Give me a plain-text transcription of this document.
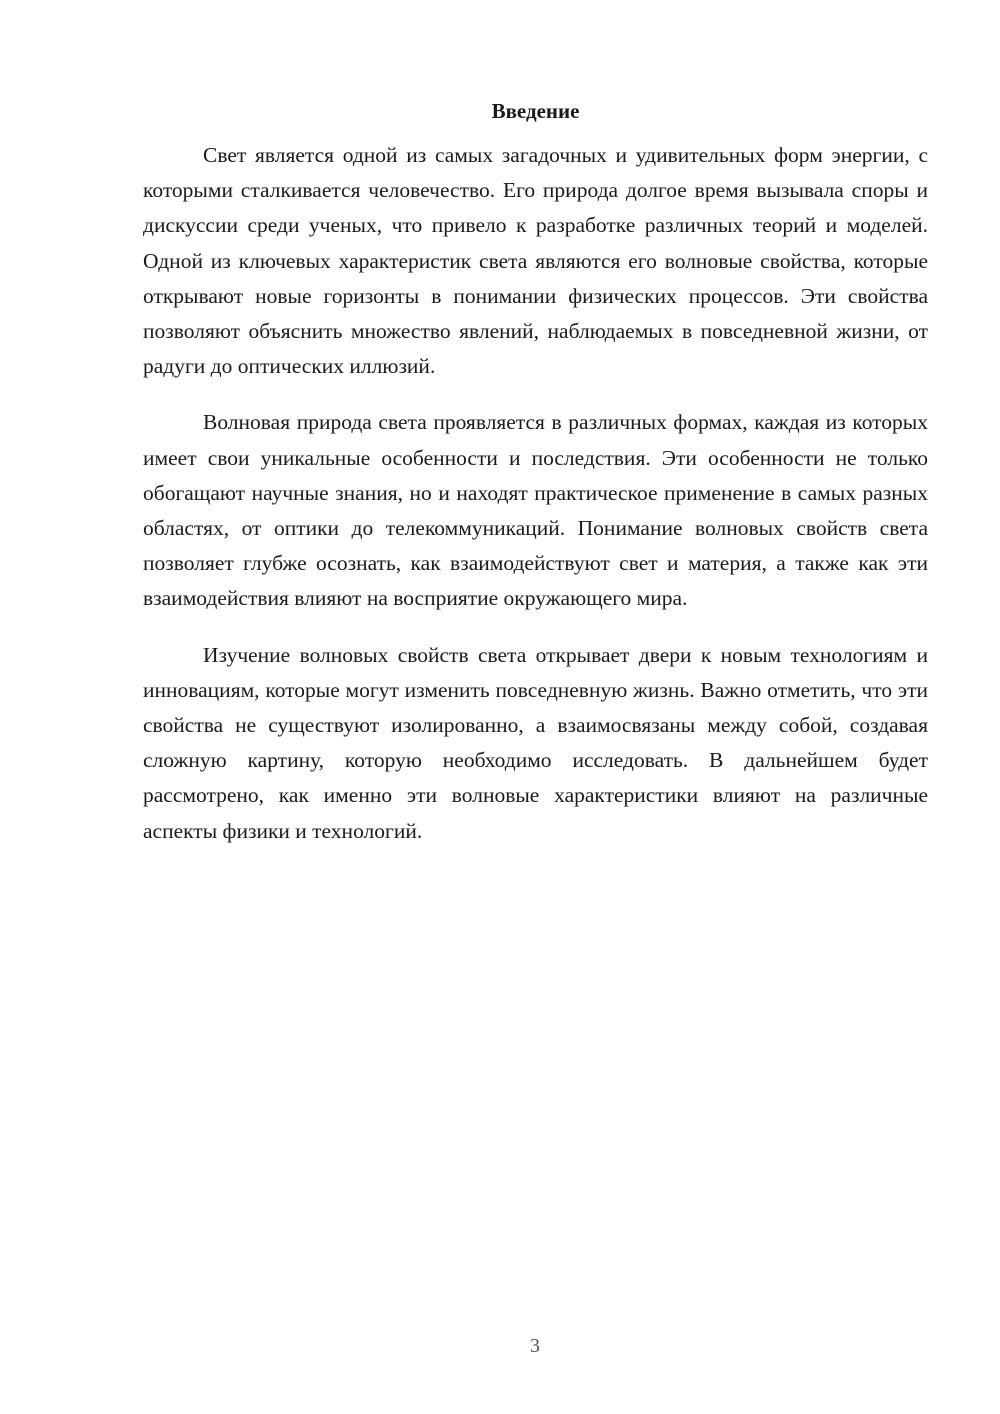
Введение

Свет является одной из самых загадочных и удивительных форм энергии, с которыми сталкивается человечество. Его природа долгое время вызывала споры и дискуссии среди ученых, что привело к разработке различных теорий и моделей. Одной из ключевых характеристик света являются его волновые свойства, которые открывают новые горизонты в понимании физических процессов. Эти свойства позволяют объяснить множество явлений, наблюдаемых в повседневной жизни, от радуги до оптических иллюзий.

Волновая природа света проявляется в различных формах, каждая из которых имеет свои уникальные особенности и последствия. Эти особенности не только обогащают научные знания, но и находят практическое применение в самых разных областях, от оптики до телекоммуникаций. Понимание волновых свойств света позволяет глубже осознать, как взаимодействуют свет и материя, а также как эти взаимодействия влияют на восприятие окружающего мира.

Изучение волновых свойств света открывает двери к новым технологиям и инновациям, которые могут изменить повседневную жизнь. Важно отметить, что эти свойства не существуют изолированно, а взаимосвязаны между собой, создавая сложную картину, которую необходимо исследовать. В дальнейшем будет рассмотрено, как именно эти волновые характеристики влияют на различные аспекты физики и технологий.

3
